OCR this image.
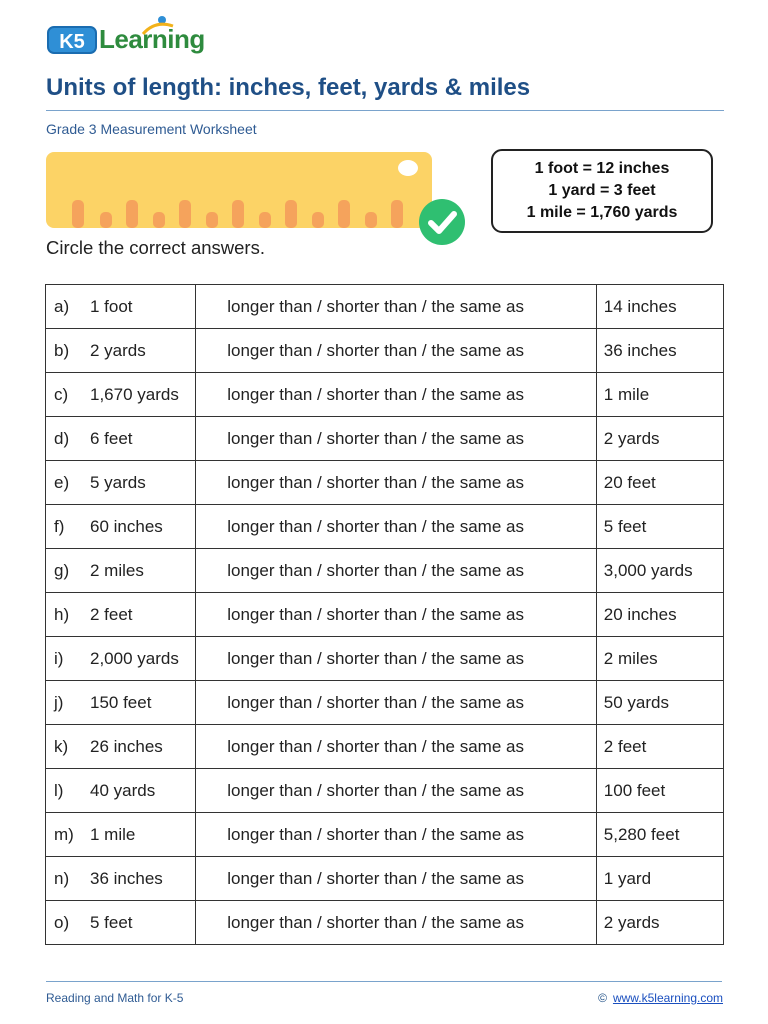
K5 Learning
Units of length: inches, feet, yards & miles
Grade 3 Measurement Worksheet
1 foot = 12 inches
1 yard = 3 feet
1 mile = 1,760 yards
Circle the correct answers.
a) 1 foot	longer than / shorter than / the same as	14 inches
b) 2 yards	longer than / shorter than / the same as	36 inches
c) 1,670 yards	longer than / shorter than / the same as	1 mile
d) 6 feet	longer than / shorter than / the same as	2 yards
e) 5 yards	longer than / shorter than / the same as	20 feet
f) 60 inches	longer than / shorter than / the same as	5 feet
g) 2 miles	longer than / shorter than / the same as	3,000 yards
h) 2 feet	longer than / shorter than / the same as	20 inches
i) 2,000 yards	longer than / shorter than / the same as	2 miles
j) 150 feet	longer than / shorter than / the same as	50 yards
k) 26 inches	longer than / shorter than / the same as	2 feet
l) 40 yards	longer than / shorter than / the same as	100 feet
m) 1 mile	longer than / shorter than / the same as	5,280 feet
n) 36 inches	longer than / shorter than / the same as	1 yard
o) 5 feet	longer than / shorter than / the same as	2 yards
Reading and Math for K-5	© www.k5learning.com
